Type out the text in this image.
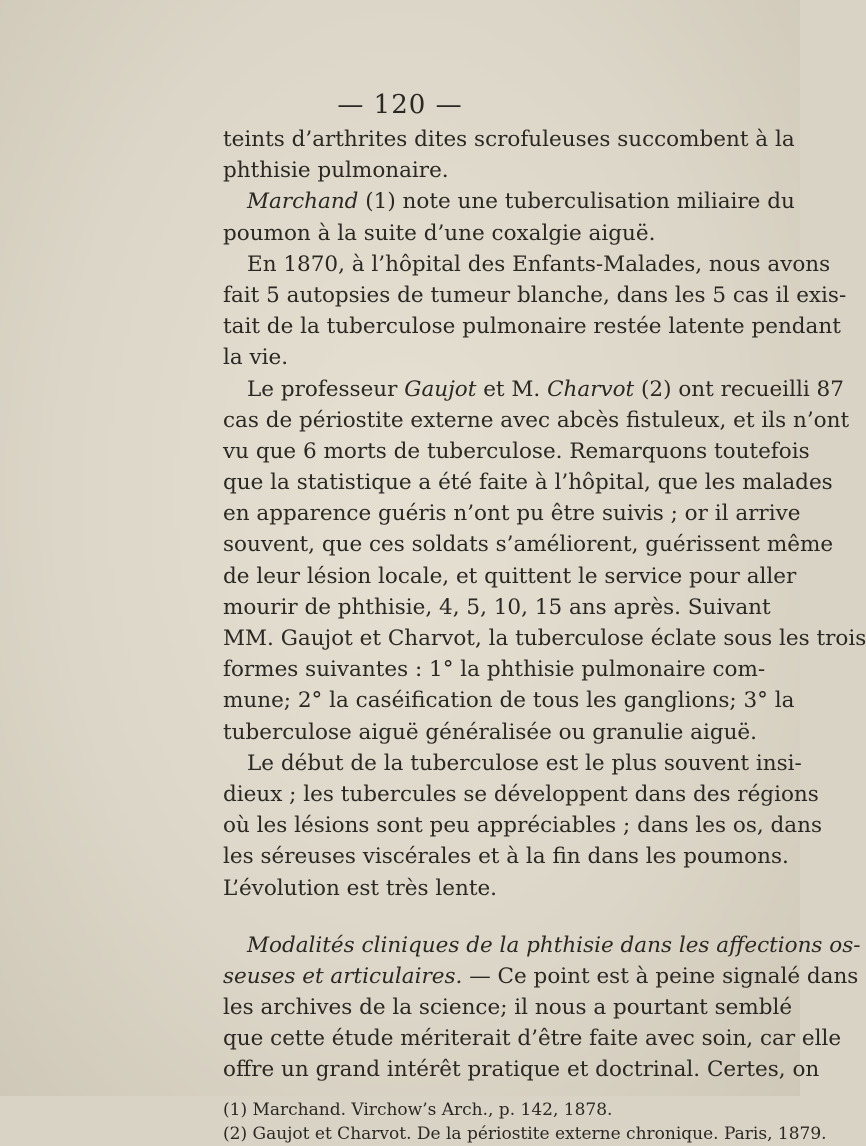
— 120 —
teints d’arthrites dites scrofuleuses succombent à la
phthisie pulmonaire.
Marchand (1) note une tuberculisation miliaire du
poumon à la suite d’une coxalgie aiguë.
En 1870, à l’hôpital des Enfants-Malades, nous avons
fait 5 autopsies de tumeur blanche, dans les 5 cas il exis-
tait de la tuberculose pulmonaire restée latente pendant
la vie.
Le professeur Gaujot et M. Charvot (2) ont recueilli 87
cas de périostite externe avec abcès fistuleux, et ils n’ont
vu que 6 morts de tuberculose. Remarquons toutefois
que la statistique a été faite à l’hôpital, que les malades
en apparence guéris n’ont pu être suivis ; or il arrive
souvent, que ces soldats s’améliorent, guérissent même
de leur lésion locale, et quittent le service pour aller
mourir de phthisie, 4, 5, 10, 15 ans après. Suivant
MM. Gaujot et Charvot, la tuberculose éclate sous les trois
formes suivantes : 1° la phthisie pulmonaire com-
mune; 2° la caséification de tous les ganglions; 3° la
tuberculose aiguë généralisée ou granulie aiguë.
Le début de la tuberculose est le plus souvent insi-
dieux ; les tubercules se développent dans des régions
où les lésions sont peu appréciables ; dans les os, dans
les séreuses viscérales et à la fin dans les poumons.
L’évolution est très lente.
Modalités cliniques de la phthisie dans les affections os-
seuses et articulaires. — Ce point est à peine signalé dans
les archives de la science; il nous a pourtant semblé
que cette étude mériterait d’être faite avec soin, car elle
offre un grand intérêt pratique et doctrinal. Certes, on
(1) Marchand. Virchow’s Arch., p. 142, 1878.
(2) Gaujot et Charvot. De la périostite externe chronique. Paris, 1879.
